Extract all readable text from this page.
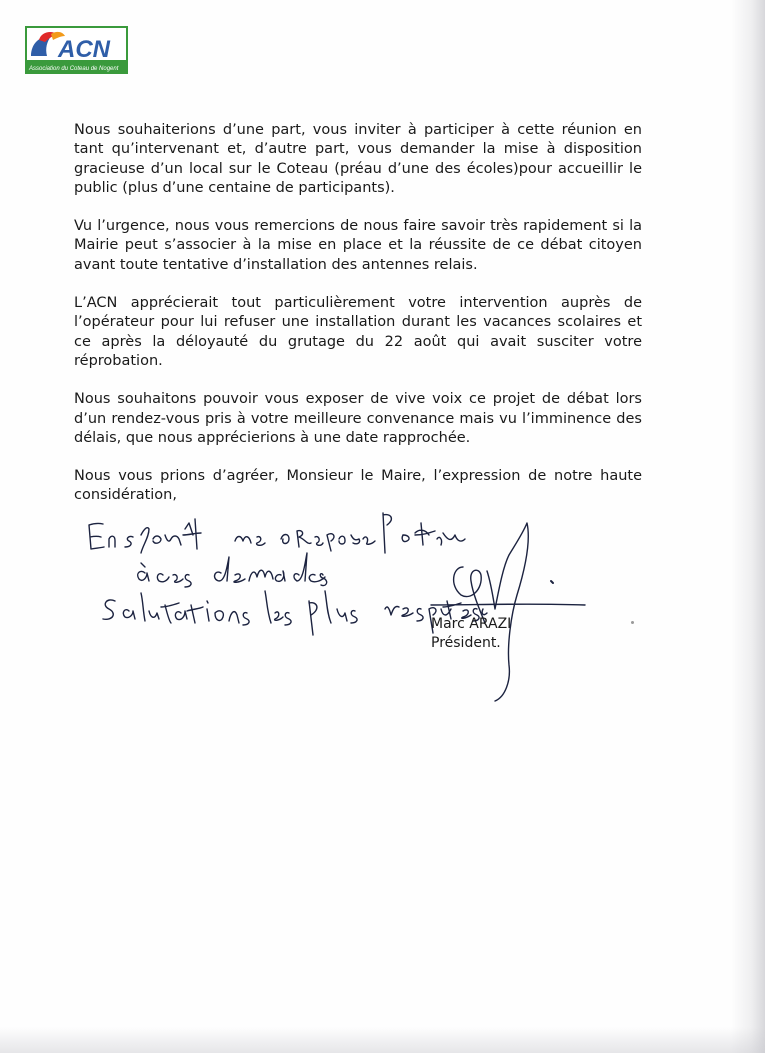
ACN
Association du Coteau de Nogent

Nous souhaiterions d’une part, vous inviter à participer à cette réunion en tant qu’intervenant et, d’autre part, vous demander la mise à disposition gracieuse d’un local sur le Coteau (préau d’une des écoles)pour accueillir le public (plus d’une centaine de participants).

Vu l’urgence, nous vous remercions de nous faire savoir très rapidement si la Mairie peut s’associer à la mise en place et la réussite de ce débat citoyen avant toute tentative d’installation des antennes relais.

L’ACN apprécierait tout particulièrement votre intervention auprès de l’opérateur pour lui refuser une installation durant les vacances scolaires et ce après la déloyauté du grutage du 22 août qui avait susciter votre réprobation.

Nous souhaitons pouvoir vous exposer de vive voix ce projet de débat lors d’un rendez-vous pris à votre meilleure convenance mais vu l’imminence des délais, que nous apprécierions à une date rapprochée.

Nous vous prions d’agréer, Monsieur le Maire, l’expression de notre haute considération,

Marc ARAZI
Président.
